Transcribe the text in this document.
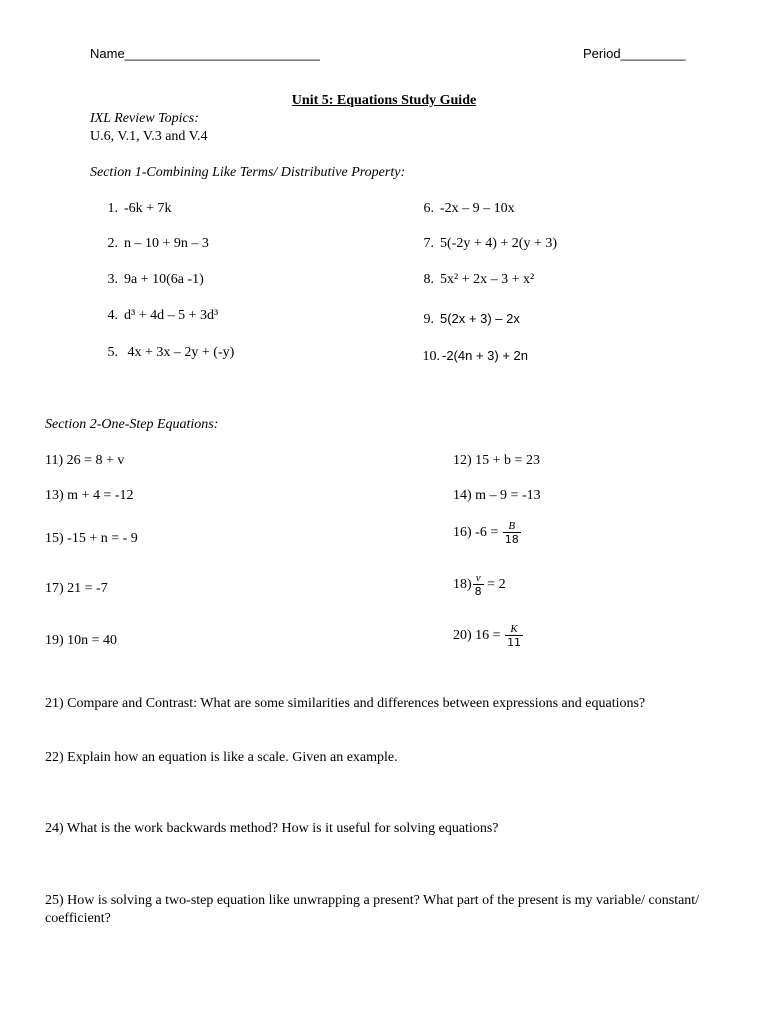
Name___________________________	Period_________
Unit 5: Equations Study Guide
IXL Review Topics:
U.6, V.1, V.3 and V.4
Section 1-Combining Like Terms/ Distributive Property:
1. -6k + 7k
2. n – 10 + 9n – 3
3. 9a + 10(6a -1)
4. d³ + 4d – 5 + 3d³
5. 4x + 3x – 2y + (-y)
6. -2x – 9 – 10x
7. 5(-2y + 4) + 2(y + 3)
8. 5x² + 2x – 3 + x²
9. 5(2x + 3) – 2x
10. -2(4n + 3) + 2n
Section 2-One-Step Equations:
11) 26 = 8 + v	12) 15 + b = 23
13) m + 4 = -12	14) m – 9 = -13
15) -15 + n = - 9	16) $-6 = \frac{B}{18}$
17) 21 = -7	$18) \frac{v}{8} = 2$
19) 10n = 40	20) $16 = \frac{K}{11}$
21) Compare and Contrast: What are some similarities and differences between expressions and equations?
22) Explain how an equation is like a scale. Given an example.
24) What is the work backwards method? How is it useful for solving equations?
25) How is solving a two-step equation like unwrapping a present? What part of the present is my variable/ constant/ coefficient?
